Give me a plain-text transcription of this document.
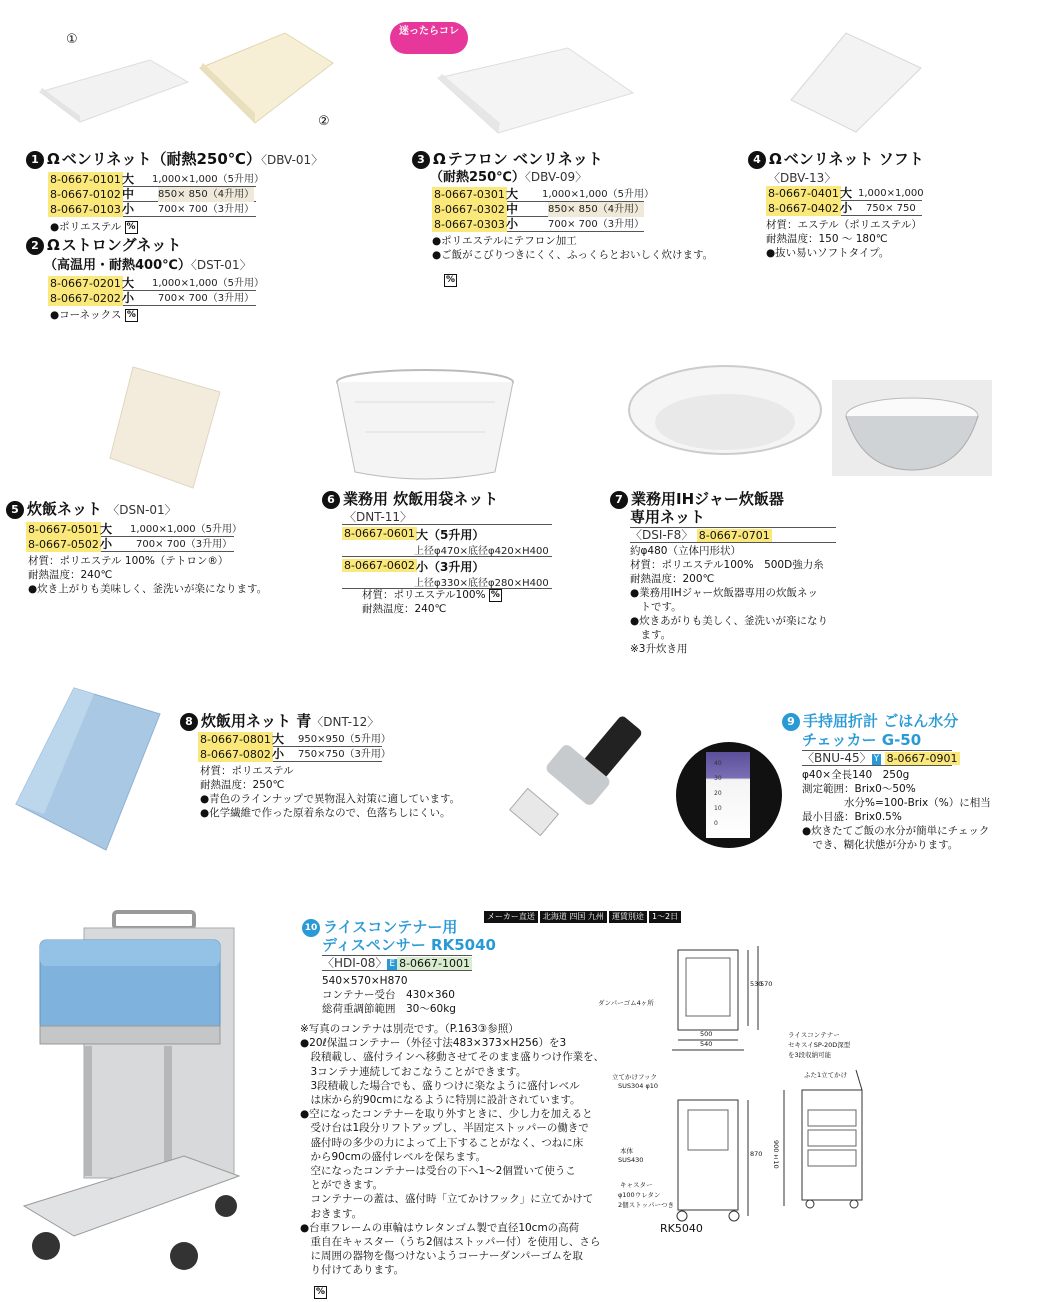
①
②
迷ったらコレ
1 Ω ベンリネット（耐熱250℃）〈DBV-01〉
8-0667-0101 大 1,000×1,000（5升用）
8-0667-0102 中 850× 850（4升用）
8-0667-0103 小 700× 700（3升用）
●ポリエステル %
2 Ω ストロングネット
（高温用・耐熱400℃）〈DST-01〉
8-0667-0201 大 1,000×1,000（5升用）
8-0667-0202 小 700× 700（3升用）
●コーネックス %
3 Ω テフロン ベンリネット
（耐熱250℃）〈DBV-09〉
8-0667-0301 大 1,000×1,000（5升用）
8-0667-0302 中	850× 850（4升用）
8-0667-0303 小	700× 700（3升用）
●ポリエステルにテフロン加工
●ご飯がこびりつきにくく、ふっくらとおいしく炊けます。
%
4 Ω ベンリネット ソフト
〈DBV-13〉
8-0667-0401 大 1,000×1,000
8-0667-0402 小 750× 750
材質：エステル（ポリエステル）
耐熱温度：150 ～ 180℃
●抜い易いソフトタイプ。
5 炊飯ネット 〈DSN-01〉
8-0667-0501 大 1,000×1,000（5升用）
8-0667-0502 小 700× 700（3升用）
材質：ポリエステル 100%（テトロン®）
耐熱温度：240℃
●炊き上がりも美味しく、釜洗いが楽になります。
6 業務用 炊飯用袋ネット
〈DNT-11〉
8-0667-0601 大（5升用）
上径φ470×底径φ420×H400
8-0667-0602 小（3升用）
上径φ330×底径φ280×H400
材質：ポリエステル100% %
耐熱温度：240℃
7 業務用IHジャー炊飯器
専用ネット
〈DSI-F8〉 8-0667-0701
約φ480（立体円形状）
材質：ポリエステル100%　500D強力糸
耐熱温度：200℃
●業務用IHジャー炊飯器専用の炊飯ネッ
　トです。
●炊きあがりも美しく、釜洗いが楽になり
　ます。
※3升炊き用
40
30
20
10
0
8 炊飯用ネット 青〈DNT-12〉
8-0667-0801 大 950×950（5升用）
8-0667-0802 小 750×750（3升用）
材質：ポリエステル
耐熱温度：250℃
●青色のラインナップで異物混入対策に適しています。
●化学繊維で作った原着糸なので、色落ちしにくい。
9 手持屈折計 ごはん水分
チェッカー G-50
〈BNU-45〉 Y 8-0667-0901
φ40×全長140　250g
測定範囲：Brix0～50%
　　　　水分%=100-Brix（%）に相当
最小目盛：Brix0.5%
●炊きたてご飯の水分が簡単にチェック
　でき、糊化状態が分かります。
10 ライスコンテナー用
メーカー直送 北海道 四国 九州 運賃別途 1～2日
ディスペンサー RK5040
〈HDI-08〉 E 8-0667-1001
540×570×H870
コンテナー受台　430×360
総荷重調節範囲　30～60kg
※写真のコンテナは別売です。（P.163③参照）
●20ℓ保温コンテナー（外径寸法483×373×H256）を3
　段積載し、盛付ラインへ移動させてそのまま盛りつけ作業を、
　3コンテナ連続しておこなうことができます。
　3段積載した場合でも、盛りつけに楽なように盛付レベル
　は床から約90cmになるように特別に設計されています。
●空になったコンテナーを取り外すときに、少し力を加えると
　受け台は1段分リフトアップし、半固定ストッパーの働きで
　盛付時の多少の力によって上下することがなく、つねに床
　から90cmの盛付レベルを保ちます。
　空になったコンテナーは受台の下へ1～2個置いて使うこ
　とができます。
　コンテナーの蓋は、盛付時「立てかけフック」に立てかけて
　おきます。
●台車フレームの車輪はウレタンゴム製で直径10cmの高荷
　重自在キャスター（うち2個はストッパー付）を使用し、さら
　に周囲の器物を傷つけないようコーナーダンパーゴムを取
　り付けてあります。
%
ダンパーゴム4ヶ所
500
540
530
570
立てかけフック
SUS304 φ10
本体
SUS430
870
キャスター
φ100ウレタン
2個ストッパーつき
RK5040
ライスコンテナー
セキスイSP-20D深型
を3段収納可能
ふた1立てかけ
900±10
